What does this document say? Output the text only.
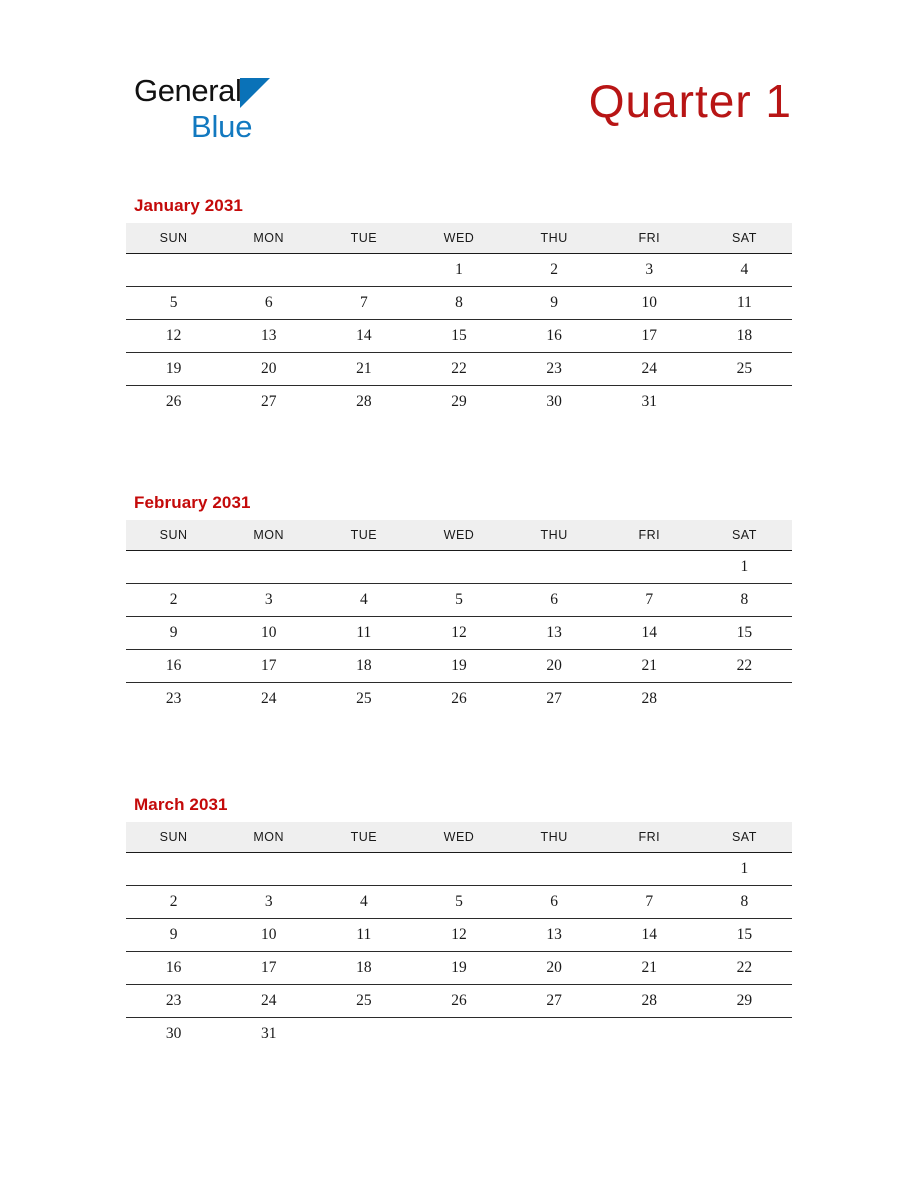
General
Blue	Quarter 1
January 2031
SUN	MON	TUE	WED	THU	FRI	SAT
			1	2	3	4
5	6	7	8	9	10	11
12	13	14	15	16	17	18
19	20	21	22	23	24	25
26	27	28	29	30	31	
February 2031
SUN	MON	TUE	WED	THU	FRI	SAT
						1
2	3	4	5	6	7	8
9	10	11	12	13	14	15
16	17	18	19	20	21	22
23	24	25	26	27	28	
March 2031
SUN	MON	TUE	WED	THU	FRI	SAT
						1
2	3	4	5	6	7	8
9	10	11	12	13	14	15
16	17	18	19	20	21	22
23	24	25	26	27	28	29
30	31					
